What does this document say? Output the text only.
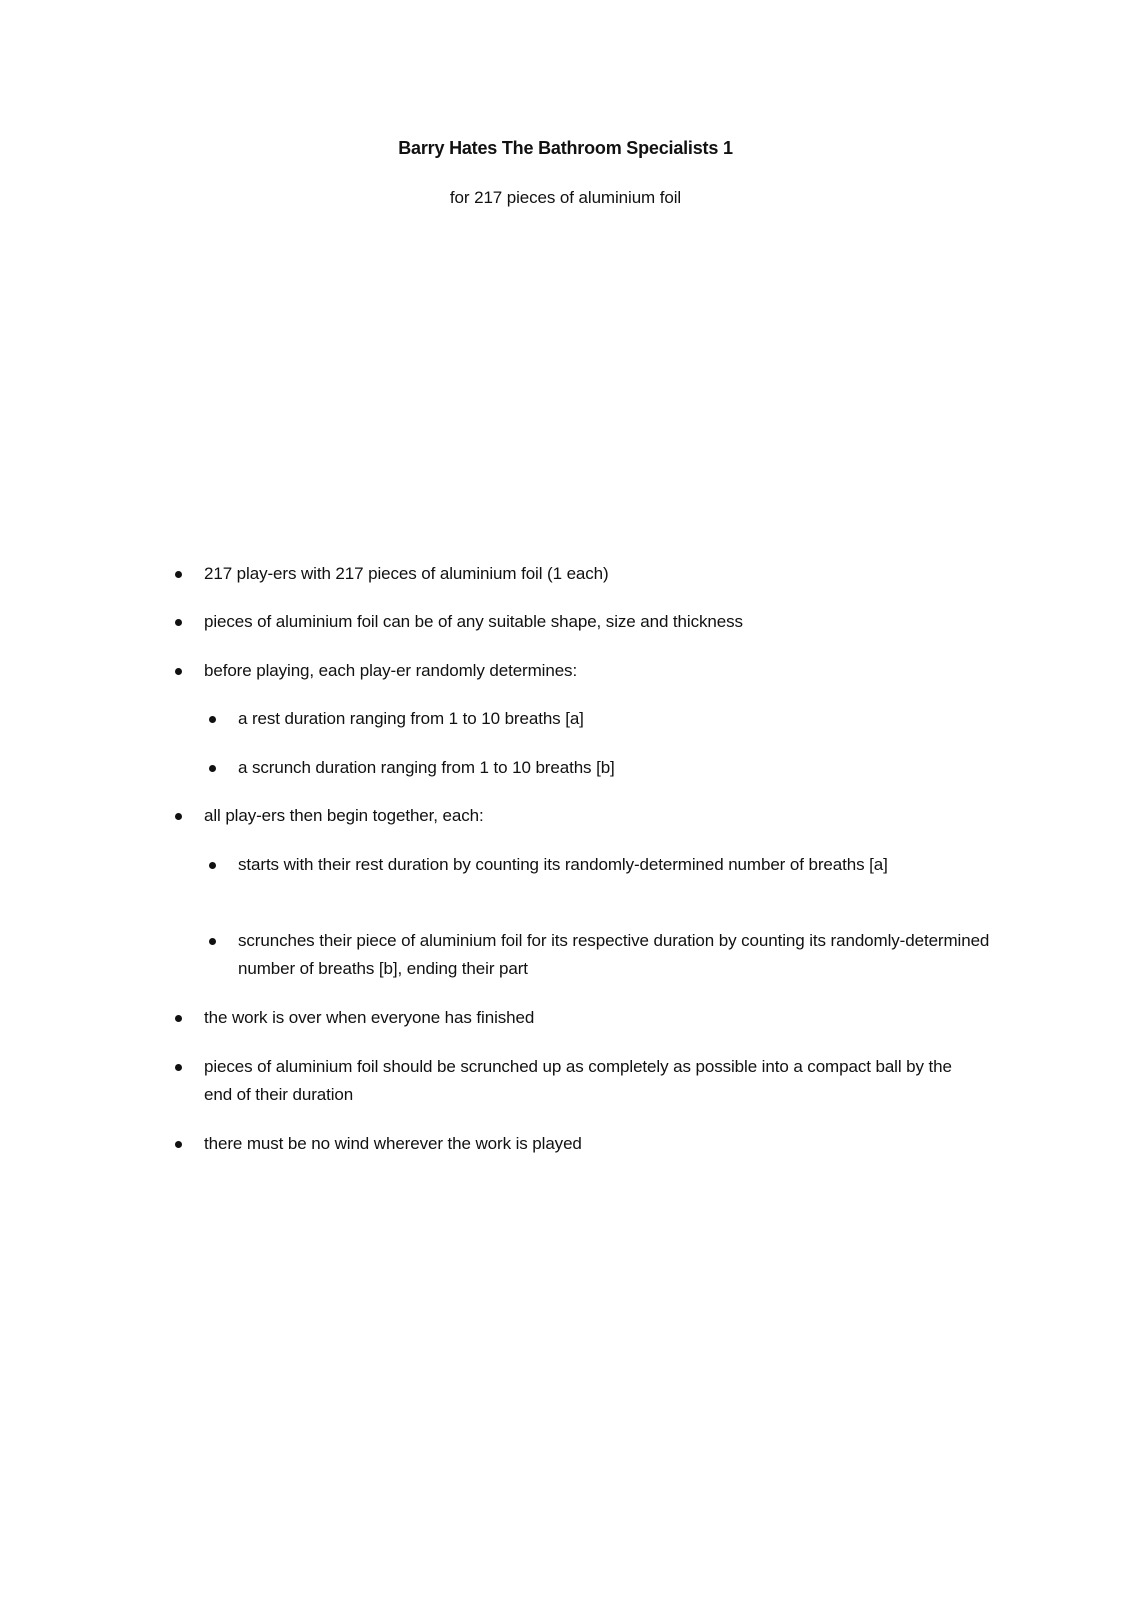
Barry Hates The Bathroom Specialists 1
for 217 pieces of aluminium foil
217 play-ers with 217 pieces of aluminium foil (1 each)
pieces of aluminium foil can be of any suitable shape, size and thickness
before playing, each play-er randomly determines:
a rest duration ranging from 1 to 10 breaths [a]
a scrunch duration ranging from 1 to 10 breaths [b]
all play-ers then begin together, each:
starts with their rest duration by counting its randomly-determined number of breaths [a]
scrunches their piece of aluminium foil for its respective duration by counting its randomly-determined number of breaths [b], ending their part
the work is over when everyone has finished
pieces of aluminium foil should be scrunched up as completely as possible into a compact ball by the end of their duration
there must be no wind wherever the work is played
